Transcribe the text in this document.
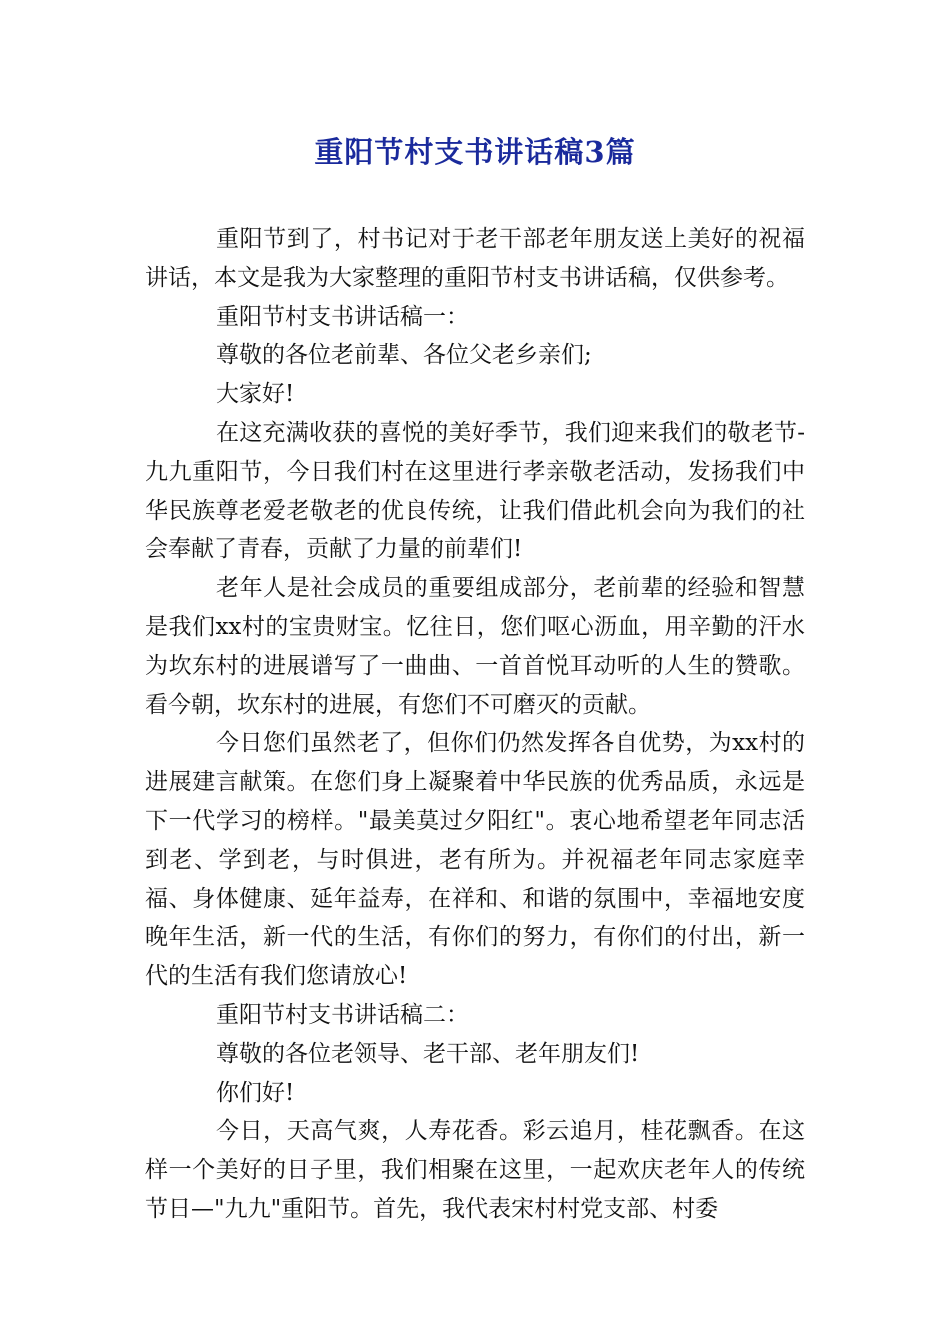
重阳节村支书讲话稿3篇

重阳节到了，村书记对于老干部老年朋友送上美好的祝福讲话，本文是我为大家整理的重阳节村支书讲话稿，仅供参考。

重阳节村支书讲话稿一：

尊敬的各位老前辈、各位父老乡亲们;

大家好!

在这充满收获的喜悦的美好季节，我们迎来我们的敬老节-九九重阳节，今日我们村在这里进行孝亲敬老活动，发扬我们中华民族尊老爱老敬老的优良传统，让我们借此机会向为我们的社会奉献了青春，贡献了力量的前辈们!

老年人是社会成员的重要组成部分，老前辈的经验和智慧是我们xx村的宝贵财宝。忆往日，您们呕心沥血，用辛勤的汗水为坎东村的进展谱写了一曲曲、一首首悦耳动听的人生的赞歌。看今朝，坎东村的进展，有您们不可磨灭的贡献。

今日您们虽然老了，但你们仍然发挥各自优势，为xx村的进展建言献策。在您们身上凝聚着中华民族的优秀品质，永远是下一代学习的榜样。"最美莫过夕阳红"。衷心地希望老年同志活到老、学到老，与时俱进，老有所为。并祝福老年同志家庭幸福、身体健康、延年益寿，在祥和、和谐的氛围中，幸福地安度晚年生活，新一代的生活，有你们的努力，有你们的付出，新一代的生活有我们您请放心!

重阳节村支书讲话稿二：

尊敬的各位老领导、老干部、老年朋友们!

你们好!

今日，天高气爽，人寿花香。彩云追月，桂花飘香。在这样一个美好的日子里，我们相聚在这里，一起欢庆老年人的传统节日—"九九"重阳节。首先，我代表宋村村党支部、村委
